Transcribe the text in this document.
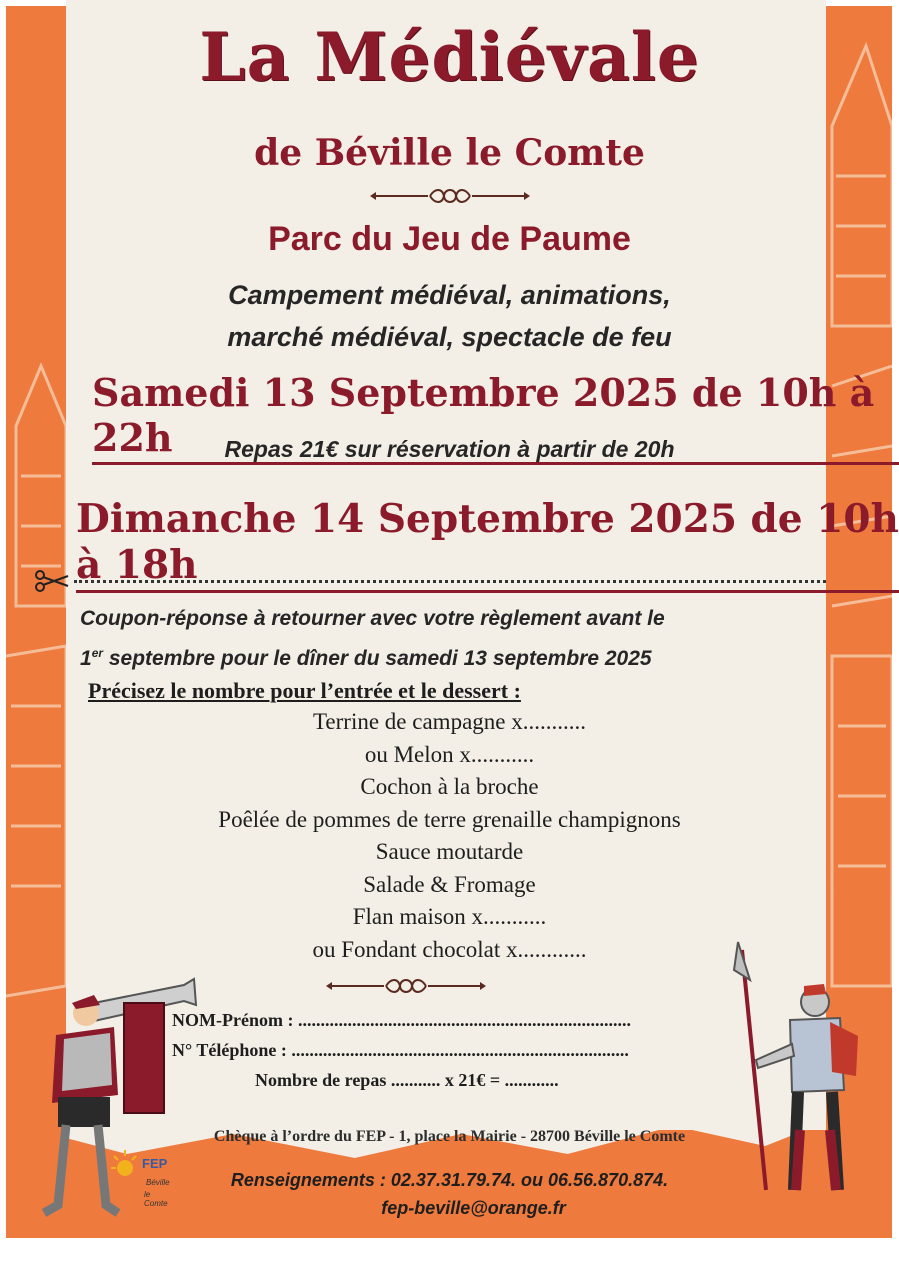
La Médiévale
de Béville le Comte
Parc du Jeu de Paume
Campement médiéval, animations,
marché médiéval, spectacle de feu
Samedi 13 Septembre 2025 de 10h à 22h	Repas 21€ sur réservation à partir de 20h
Dimanche 14 Septembre 2025 de 10h à 18h
Coupon-réponse à retourner avec votre règlement avant le
1er septembre pour le dîner du samedi 13 septembre 2025
Précisez le nombre pour l’entrée et le dessert :
Terrine de campagne x...........
ou Melon x...........
Cochon à la broche
Poêlée de pommes de terre grenaille champignons
Sauce moutarde
Salade & Fromage
Flan maison x...........
ou Fondant chocolat x............
NOM-Prénom : ..........................................................................
N° Téléphone : ...........................................................................
Nombre de repas ........... x 21€ = ............
Chèque à l’ordre du FEP - 1, place la Mairie - 28700 Béville le Comte
Renseignements : 02.37.31.79.74. ou 06.56.870.874.
fep-beville@orange.fr
FEP
Béville
le Comte
